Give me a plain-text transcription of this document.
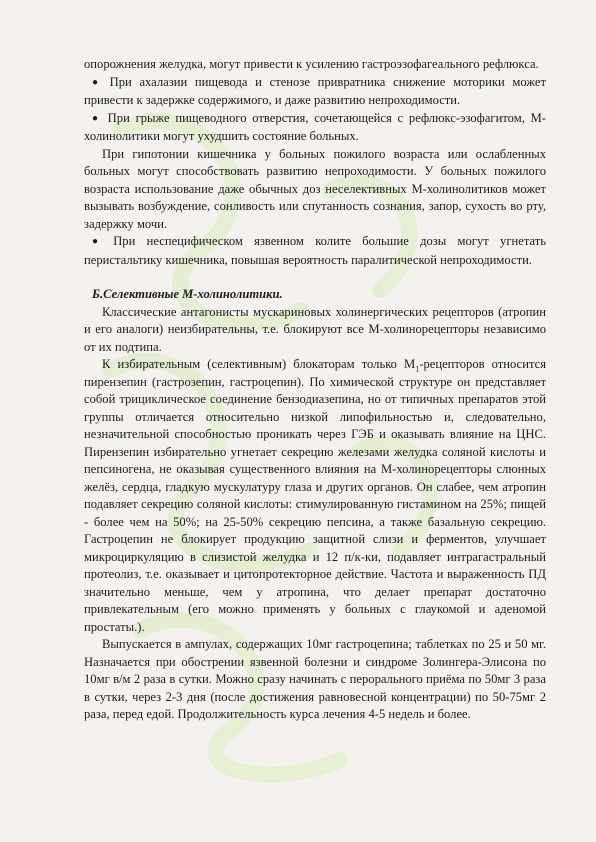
опорожнения желудка, могут привести к усилению гастроэзофагеального рефлюкса.

● При ахалазии пищевода и стенозе привратника снижение моторики может привести к задержке содержимого, и даже развитию непроходимости.

● При грыже пищеводного отверстия, сочетающейся с рефлюкс-эзофагитом, М-холинолитики могут ухудшить состояние больных.

При гипотонии кишечника у больных пожилого возраста или ослабленных больных могут способствовать развитию непроходимости. У больных пожилого возраста использование даже обычных доз неселективных М-холинолитиков может вызывать возбуждение, сонливость или спутанность сознания, запор, сухость во рту, задержку мочи.

● При неспецифическом язвенном колите большие дозы могут угнетать перистальтику кишечника, повышая вероятность паралитической непроходимости.

Б.Селективные М-холинолитики.

Классические антагонисты мускариновых холинергических рецепторов (атропин и его аналоги) неизбирательны, т.е. блокируют все М-холинорецепторы независимо от их подтипа.

К избирательным (селективным) блокаторам только $М_1$-рецепторов относится пирензепин (гастрозепин, гастроцепин). По химической структуре он представляет собой трициклическое соединение бензодиазепина, но от типичных препаратов этой группы отличается относительно низкой липофильностью и, следовательно, незначительной способностью проникать через ГЭБ и оказывать влияние на ЦНС. Пирензепин избирательно угнетает секрецию железами желудка соляной кислоты и пепсиногена, не оказывая существенного влияния на М-холинорецепторы слюнных желёз, сердца, гладкую мускулатуру глаза и других органов. Он слабее, чем атропин подавляет секрецию соляной кислоты: стимулированную гистамином на 25%; пищей - более чем на 50%; на 25-50% секрецию пепсина, а также базальную секрецию. Гастроцепин не блокирует продукцию защитной слизи и ферментов, улучшает микроциркуляцию в слизистой желудка и 12 п/к-ки, подавляет интрагастральный протеолиз, т.е. оказывает и цитопротекторное действие. Частота и выраженность ПД значительно меньше, чем у атропина, что делает препарат достаточно привлекательным (его можно применять у больных с глаукомой и аденомой простаты.).

Выпускается в ампулах, содержащих 10мг гастроцепина; таблетках по 25 и 50 мг. Назначается при обострении язвенной болезни и синдроме Золингера-Элисона по 10мг в/м 2 раза в сутки. Можно сразу начинать с перорального приёма по 50мг 3 раза в сутки, через 2-3 дня (после достижения равновесной концентрации) по 50-75мг 2 раза, перед едой. Продолжительность курса лечения 4-5 недель и более.
